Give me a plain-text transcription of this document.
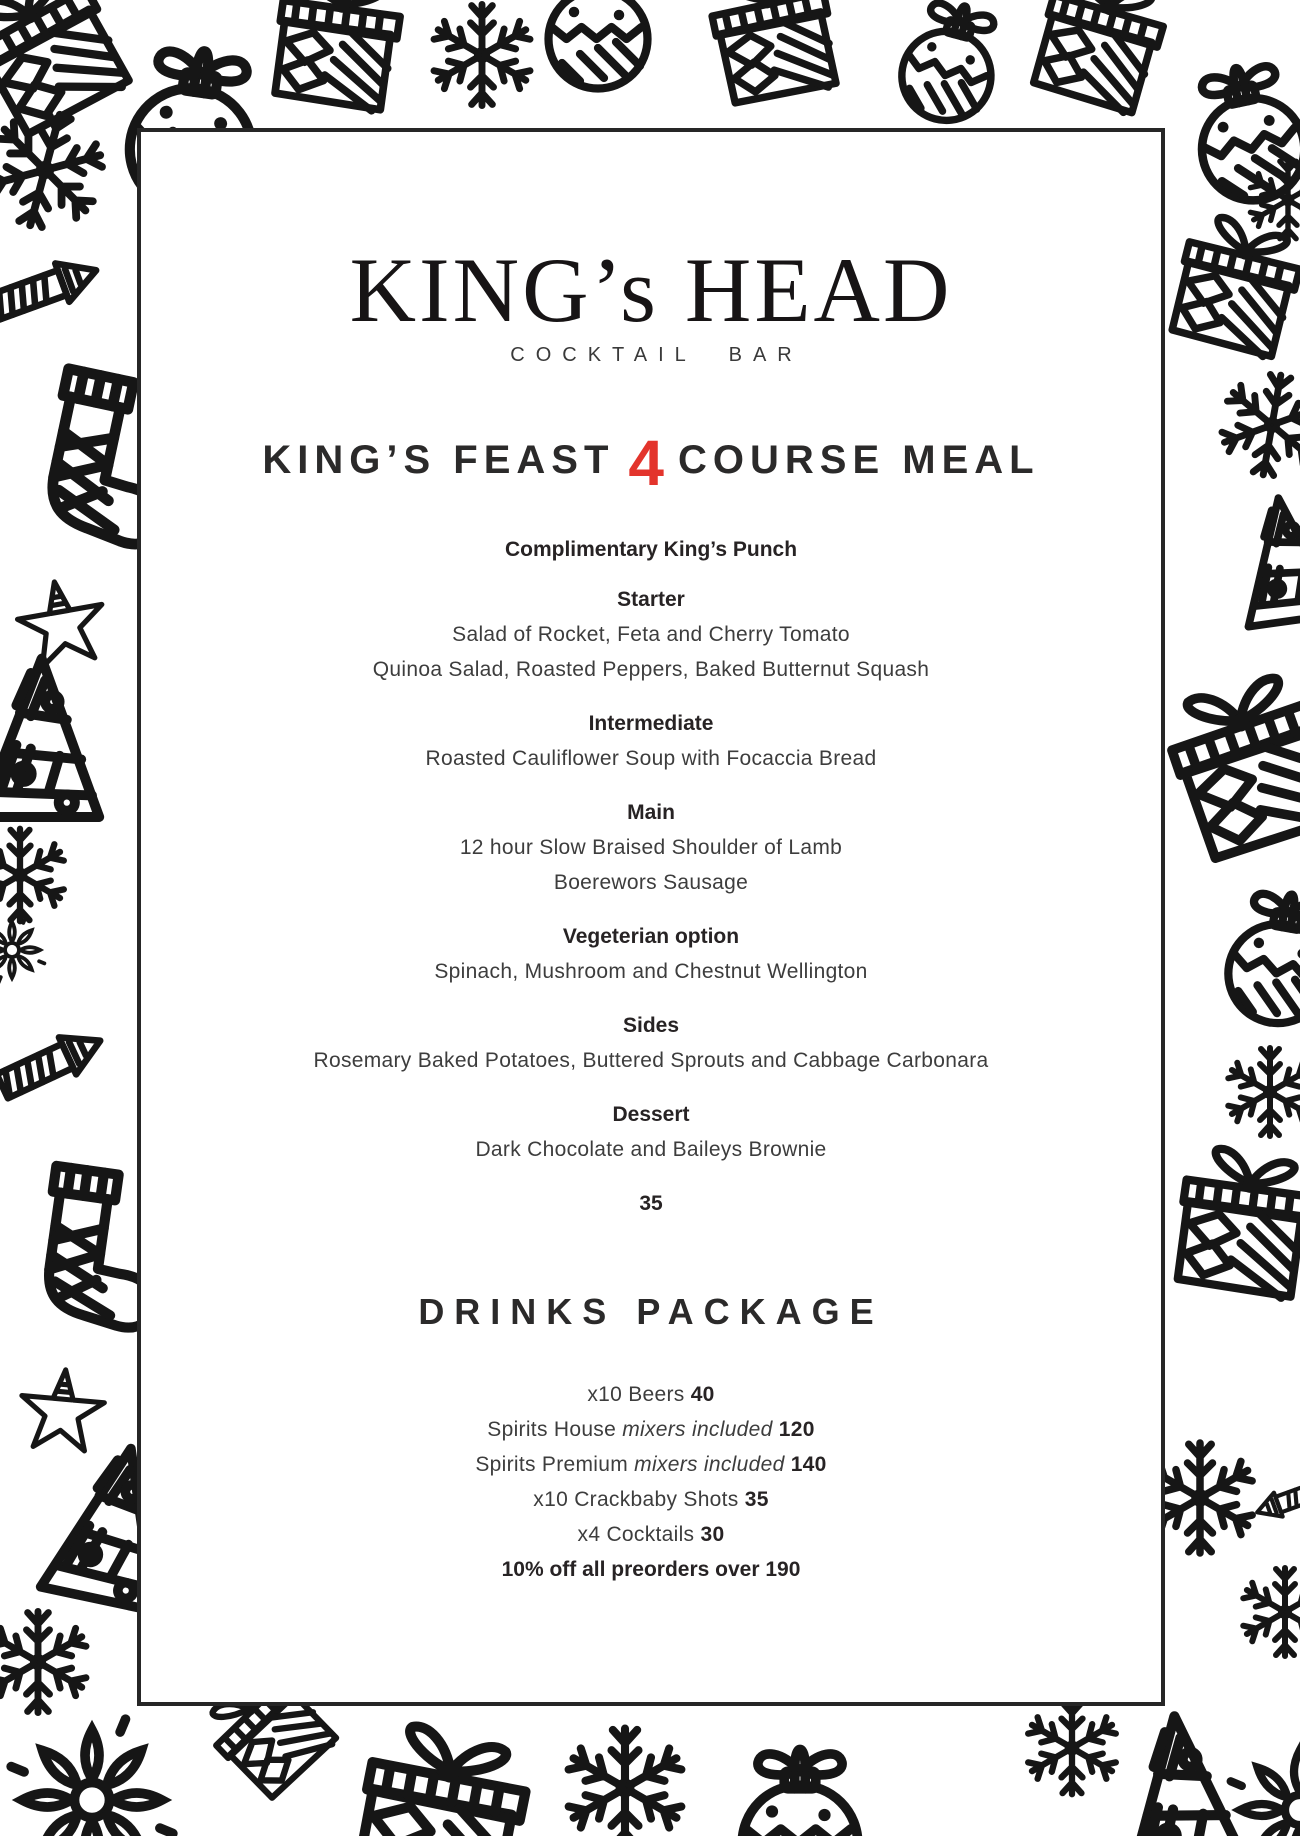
KING’s HEAD
COCKTAIL BAR
KING’S FEAST 4 COURSE MEAL
Complimentary King’s Punch
Starter
Salad of Rocket, Feta and Cherry Tomato
Quinoa Salad, Roasted Peppers, Baked Butternut Squash
Intermediate
Roasted Cauliflower Soup with Focaccia Bread
Main
12 hour Slow Braised Shoulder of Lamb
Boerewors Sausage
Vegeterian option
Spinach, Mushroom and Chestnut Wellington
Sides
Rosemary Baked Potatoes, Buttered Sprouts and Cabbage Carbonara
Dessert
Dark Chocolate and Baileys Brownie
35
DRINKS PACKAGE
x10 Beers 40
Spirits House mixers included 120
Spirits Premium mixers included 140
x10 Crackbaby Shots 35
x4 Cocktails 30
10% off all preorders over 190
